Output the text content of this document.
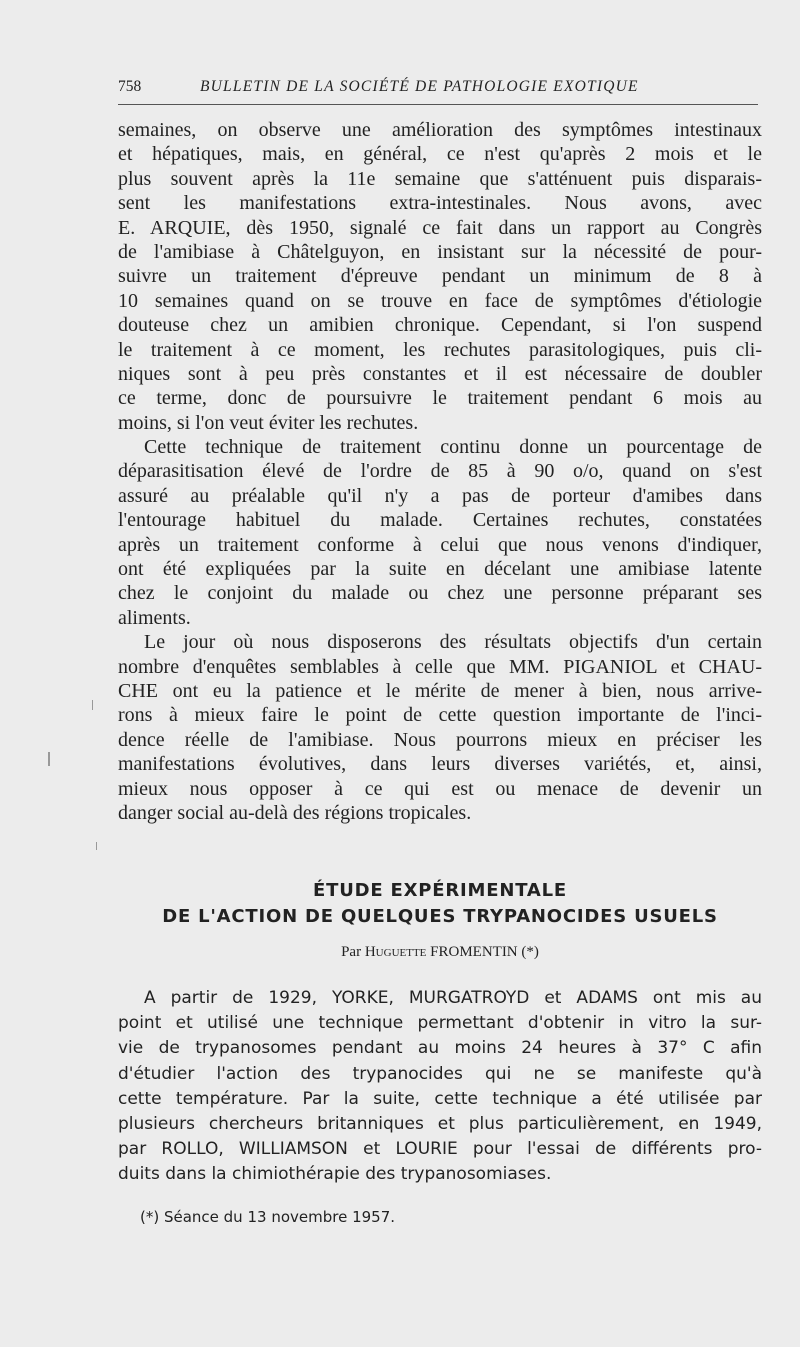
758	BULLETIN DE LA SOCIÉTÉ DE PATHOLOGIE EXOTIQUE
semaines, on observe une amélioration des symptômes intestinaux
et hépatiques, mais, en général, ce n'est qu'après 2 mois et le
plus souvent après la 11e semaine que s'atténuent puis disparais-
sent les manifestations extra-intestinales. Nous avons, avec
E. ARQUIE, dès 1950, signalé ce fait dans un rapport au Congrès
de l'amibiase à Châtelguyon, en insistant sur la nécessité de pour-
suivre un traitement d'épreuve pendant un minimum de 8 à
10 semaines quand on se trouve en face de symptômes d'étiologie
douteuse chez un amibien chronique. Cependant, si l'on suspend
le traitement à ce moment, les rechutes parasitologiques, puis cli-
niques sont à peu près constantes et il est nécessaire de doubler
ce terme, donc de poursuivre le traitement pendant 6 mois au
moins, si l'on veut éviter les rechutes.
Cette technique de traitement continu donne un pourcentage de
déparasitisation élevé de l'ordre de 85 à 90 o/o, quand on s'est
assuré au préalable qu'il n'y a pas de porteur d'amibes dans
l'entourage habituel du malade. Certaines rechutes, constatées
après un traitement conforme à celui que nous venons d'indiquer,
ont été expliquées par la suite en décelant une amibiase latente
chez le conjoint du malade ou chez une personne préparant ses
aliments.
Le jour où nous disposerons des résultats objectifs d'un certain
nombre d'enquêtes semblables à celle que MM. PIGANIOL et CHAU-
CHE ont eu la patience et le mérite de mener à bien, nous arrive-
rons à mieux faire le point de cette question importante de l'inci-
dence réelle de l'amibiase. Nous pourrons mieux en préciser les
manifestations évolutives, dans leurs diverses variétés, et, ainsi,
mieux nous opposer à ce qui est ou menace de devenir un
danger social au-delà des régions tropicales.
ÉTUDE EXPÉRIMENTALE
DE L'ACTION DE QUELQUES TRYPANOCIDES USUELS
Par Huguette FROMENTIN (*)
A partir de 1929, YORKE, MURGATROYD et ADAMS ont mis au
point et utilisé une technique permettant d'obtenir in vitro la sur-
vie de trypanosomes pendant au moins 24 heures à 37° C afin
d'étudier l'action des trypanocides qui ne se manifeste qu'à
cette température. Par la suite, cette technique a été utilisée par
plusieurs chercheurs britanniques et plus particulièrement, en 1949,
par ROLLO, WILLIAMSON et LOURIE pour l'essai de différents pro-
duits dans la chimiothérapie des trypanosomiases.
(*) Séance du 13 novembre 1957.
